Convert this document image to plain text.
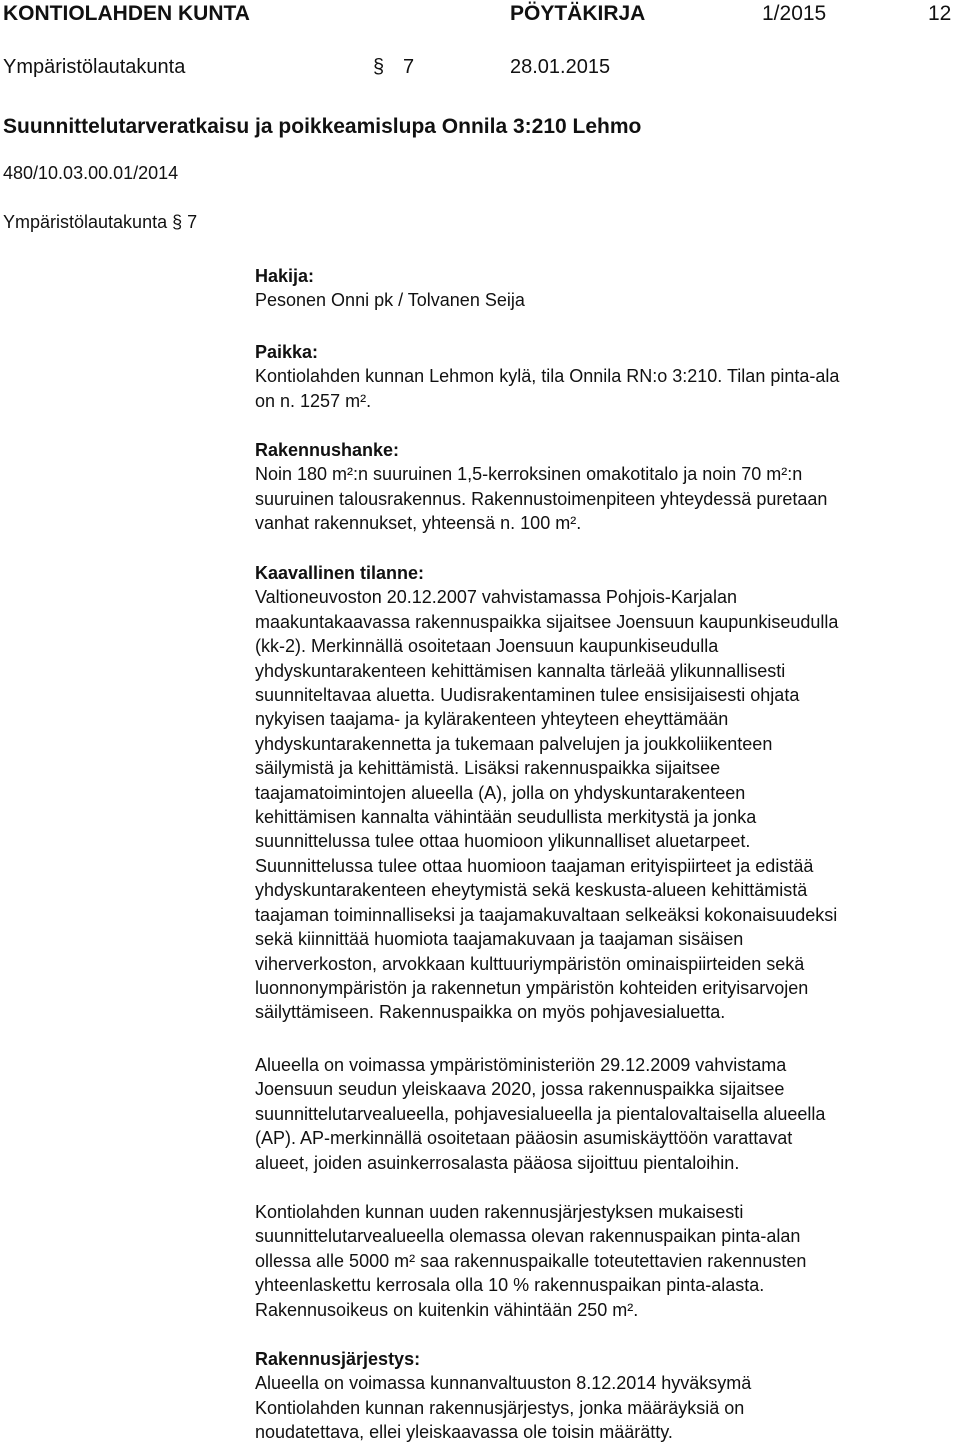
KONTIOLAHDEN KUNTA	PÖYTÄKIRJA	1/2015	12
Ympäristölautakunta	§ 7	28.01.2015
Suunnittelutarveratkaisu ja poikkeamislupa Onnila 3:210 Lehmo
480/10.03.00.01/2014
Ympäristölautakunta § 7
Hakija:

Pesonen Onni pk / Tolvanen Seija

Paikka:

Kontiolahden kunnan Lehmon kylä, tila Onnila RN:o 3:210. Tilan pinta-ala
on n. 1257 m².

Rakennushanke:

Noin 180 m²:n suuruinen 1,5-kerroksinen omakotitalo ja noin 70 m²:n
suuruinen talousrakennus. Rakennustoimenpiteen yhteydessä puretaan
vanhat rakennukset, yhteensä n. 100 m².

Kaavallinen tilanne:

Valtioneuvoston 20.12.2007 vahvistamassa Pohjois-Karjalan
maakuntakaavassa rakennuspaikka sijaitsee Joensuun kaupunkiseudulla
(kk-2). Merkinnällä osoitetaan Joensuun kaupunkiseudulla
yhdyskuntarakenteen kehittämisen kannalta tärleää ylikunnallisesti
suunniteltavaa aluetta. Uudisrakentaminen tulee ensisijaisesti ohjata
nykyisen taajama- ja kylärakenteen yhteyteen eheyttämään
yhdyskuntarakennetta ja tukemaan palvelujen ja joukkoliikenteen
säilymistä ja kehittämistä. Lisäksi rakennuspaikka sijaitsee
taajamatoimintojen alueella (A), jolla on yhdyskuntarakenteen
kehittämisen kannalta vähintään seudullista merkitystä ja jonka
suunnittelussa tulee ottaa huomioon ylikunnalliset aluetarpeet.
Suunnittelussa tulee ottaa huomioon taajaman erityispiirteet ja edistää
yhdyskuntarakenteen eheytymistä sekä keskusta-alueen kehittämistä
taajaman toiminnalliseksi ja taajamakuvaltaan selkeäksi kokonaisuudeksi
sekä kiinnittää huomiota taajamakuvaan ja taajaman sisäisen
viherverkoston, arvokkaan kulttuuriympäristön ominaispiirteiden sekä
luonnonympäristön ja rakennetun ympäristön kohteiden erityisarvojen
säilyttämiseen. Rakennuspaikka on myös pohjavesialuetta.

Alueella on voimassa ympäristöministeriön 29.12.2009 vahvistama
Joensuun seudun yleiskaava 2020, jossa rakennuspaikka sijaitsee
suunnittelutarvealueella, pohjavesialueella ja pientalovaltaisella alueella
(AP). AP-merkinnällä osoitetaan pääosin asumiskäyttöön varattavat
alueet, joiden asuinkerrosalasta pääosa sijoittuu pientaloihin.

Kontiolahden kunnan uuden rakennusjärjestyksen mukaisesti
suunnittelutarvealueella olemassa olevan rakennuspaikan pinta-alan
ollessa alle 5000 m² saa rakennuspaikalle toteutettavien rakennusten
yhteenlaskettu kerrosala olla 10 % rakennuspaikan pinta-alasta.
Rakennusoikeus on kuitenkin vähintään 250 m².

Rakennusjärjestys:

Alueella on voimassa kunnanvaltuuston 8.12.2014 hyväksymä
Kontiolahden kunnan rakennusjärjestys, jonka määräyksiä on
noudatettava, ellei yleiskaavassa ole toisin määrätty.
